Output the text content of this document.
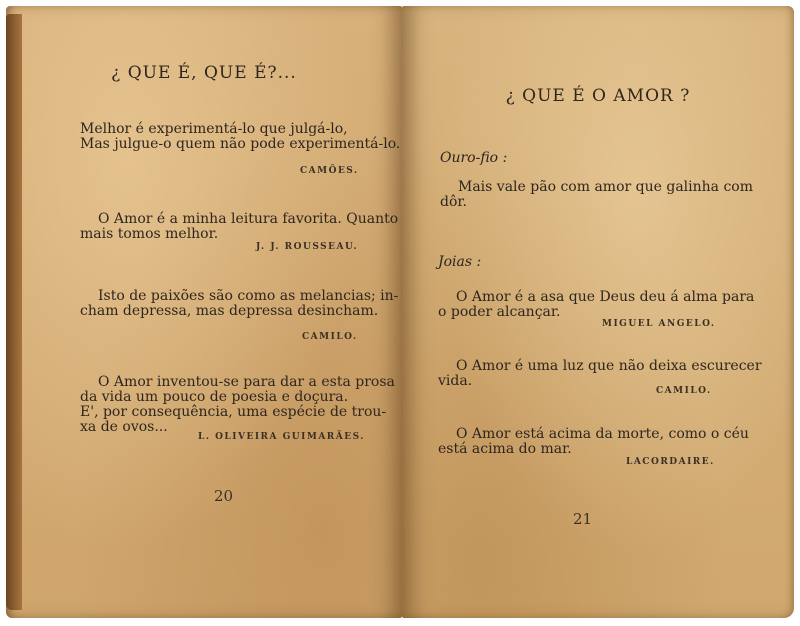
¿ QUE É, QUE É?...
Melhor é experimentá-lo que julgá-lo,
Mas julgue-o quem não pode experimentá-lo.
CAMÕES.
O Amor é a minha leitura favorita. Quanto
mais tomos melhor.
J. J. ROUSSEAU.
Isto de paixões são como as melancias; in-
cham depressa, mas depressa desincham.
CAMILO.
O Amor inventou-se para dar a esta prosa
da vida um pouco de poesia e doçura.
E', por consequência, uma espécie de trou-
xa de ovos...
L. OLIVEIRA GUIMARÃES.
20
¿ QUE É O AMOR ?
Ouro-fio :
Mais vale pão com amor que galinha com
dôr.
Joias :
O Amor é a asa que Deus deu á alma para
o poder alcançar.
MIGUEL ANGELO.
O Amor é uma luz que não deixa escurecer
vida.
CAMILO.
O Amor está acima da morte, como o céu
está acima do mar.
LACORDAIRE.
21
